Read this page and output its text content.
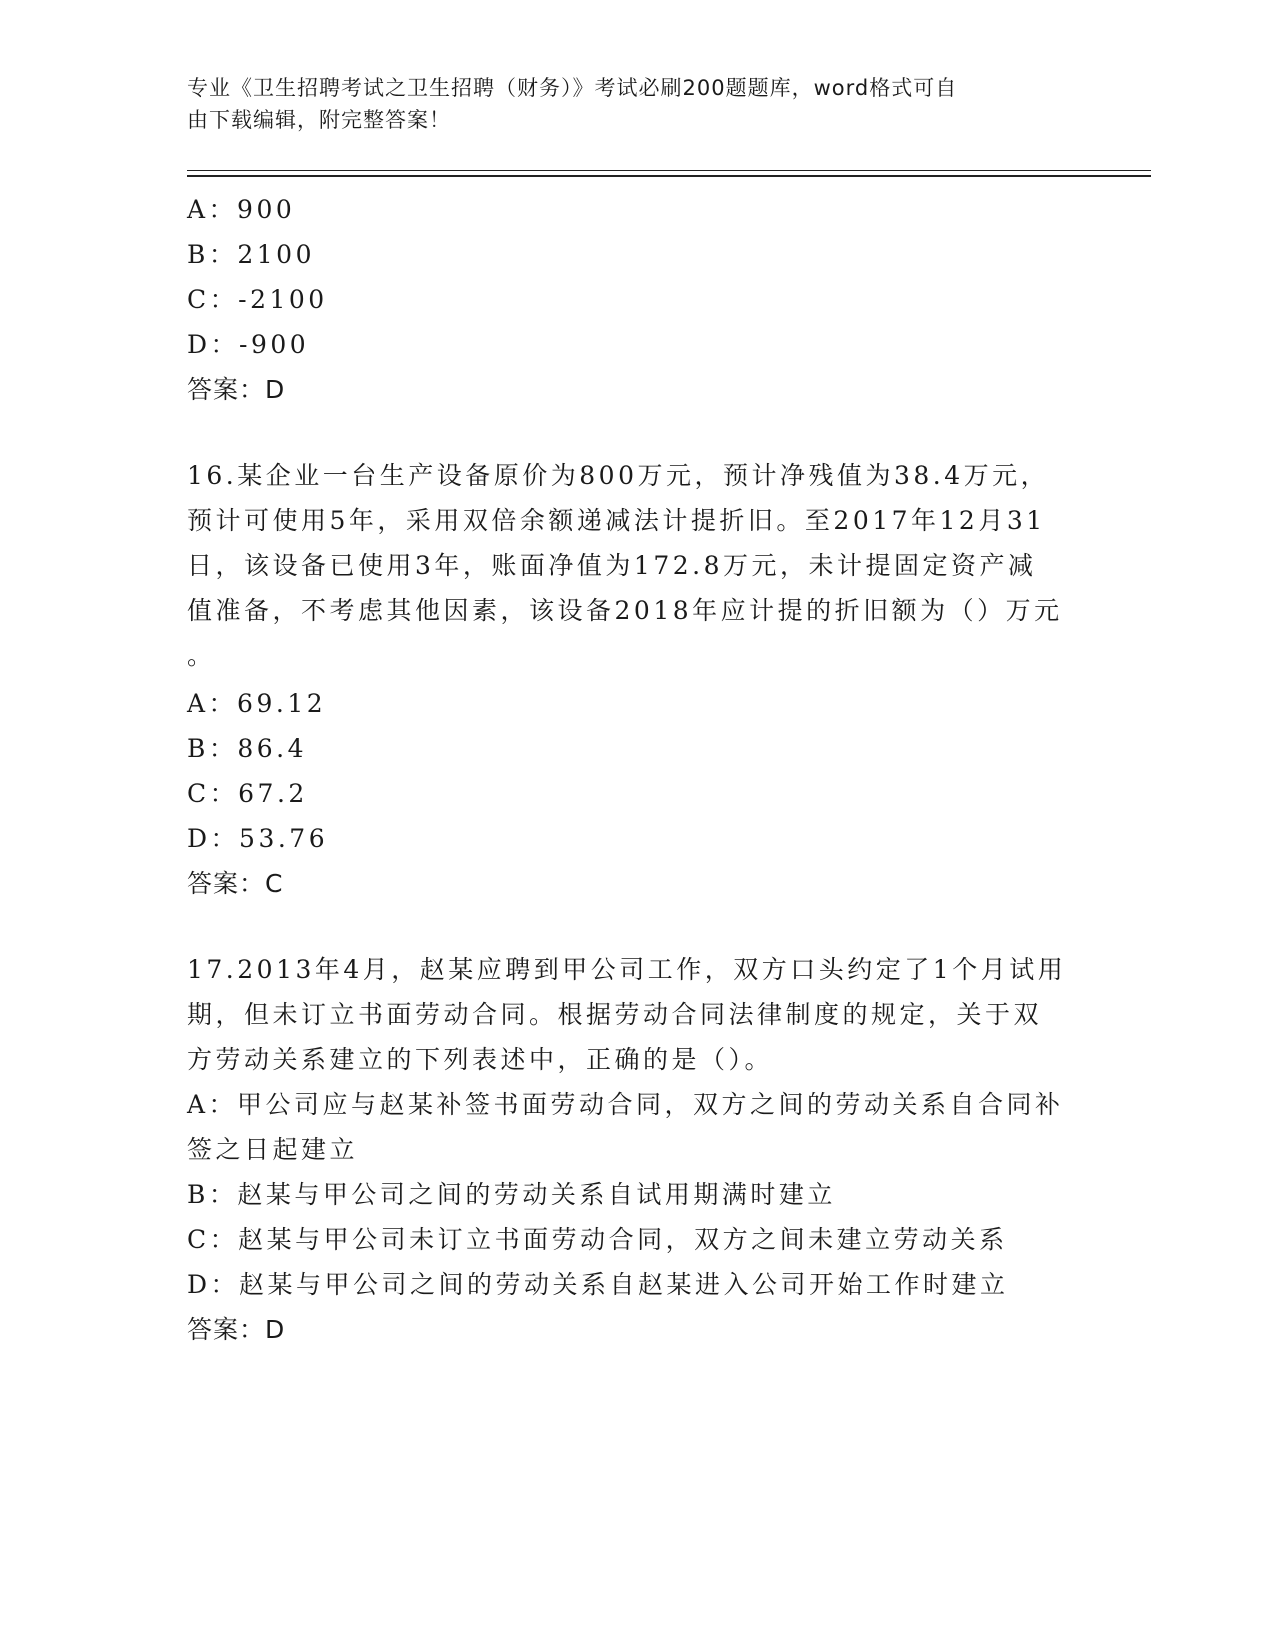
专业《卫生招聘考试之卫生招聘（财务）》考试必刷200题题库，word格式可自
由下载编辑，附完整答案！
A：900
B：2100
C：-2100
D：-900
答案：D
16.某企业一台生产设备原价为800万元，预计净残值为38.4万元，
预计可使用5年，采用双倍余额递减法计提折旧。至2017年12月31
日，该设备已使用3年，账面净值为172.8万元，未计提固定资产减
值准备，不考虑其他因素，该设备2018年应计提的折旧额为（）万元
。
A：69.12
B：86.4
C：67.2
D：53.76
答案：C
17.2013年4月，赵某应聘到甲公司工作，双方口头约定了1个月试用
期，但未订立书面劳动合同。根据劳动合同法律制度的规定，关于双
方劳动关系建立的下列表述中，正确的是（）。
A：甲公司应与赵某补签书面劳动合同，双方之间的劳动关系自合同补
签之日起建立
B：赵某与甲公司之间的劳动关系自试用期满时建立
C：赵某与甲公司未订立书面劳动合同，双方之间未建立劳动关系
D：赵某与甲公司之间的劳动关系自赵某进入公司开始工作时建立
答案：D
